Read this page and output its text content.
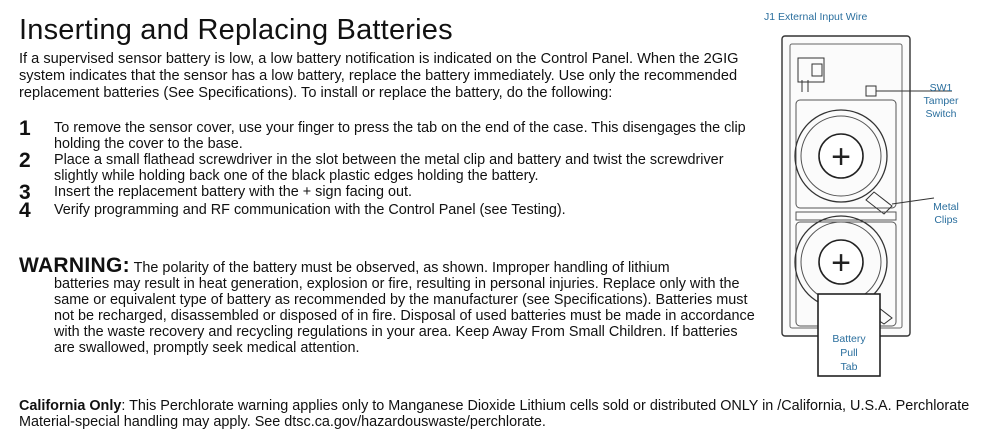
Inserting and Replacing Batteries
If a supervised sensor battery is low, a low battery notification is indicated on the Control Panel. When the 2GIG system indicates that the sensor has a low battery, replace the battery immediately. Use only the recommended replacement batteries (See Specifications). To install or replace the battery, do the following:
1	To remove the sensor cover, use your finger to press the tab on the end of the case. This disengages the clip holding the cover to the base.
2	Place a small flathead screwdriver in the slot between the metal clip and battery and twist the screwdriver slightly while holding back one of the black plastic edges holding the battery.
3	Insert the replacement battery with the + sign facing out.
4	Verify programming and RF communication with the Control Panel (see Testing).
WARNING: The polarity of the battery must be observed, as shown. Improper handling of lithium
batteries may result in heat generation, explosion or fire, resulting in personal injuries. Replace only with the same or equivalent type of battery as recommended by the manufacturer (see Specifications). Batteries must not be recharged, disassembled or disposed of in fire. Disposal of used batteries must be made in accordance with the waste recovery and recycling regulations in your area. Keep Away From Small Children. If batteries are swallowed, promptly seek medical attention.
California Only: This Perchlorate warning applies only to Manganese Dioxide Lithium cells sold or distributed ONLY in /California, U.S.A. Perchlorate Material-special handling may apply. See dtsc.ca.gov/hazardouswaste/perchlorate.
J1 External Input Wire
SW1
Tamper
Switch
+
Metal
Clips
+
Battery
Pull
Tab
